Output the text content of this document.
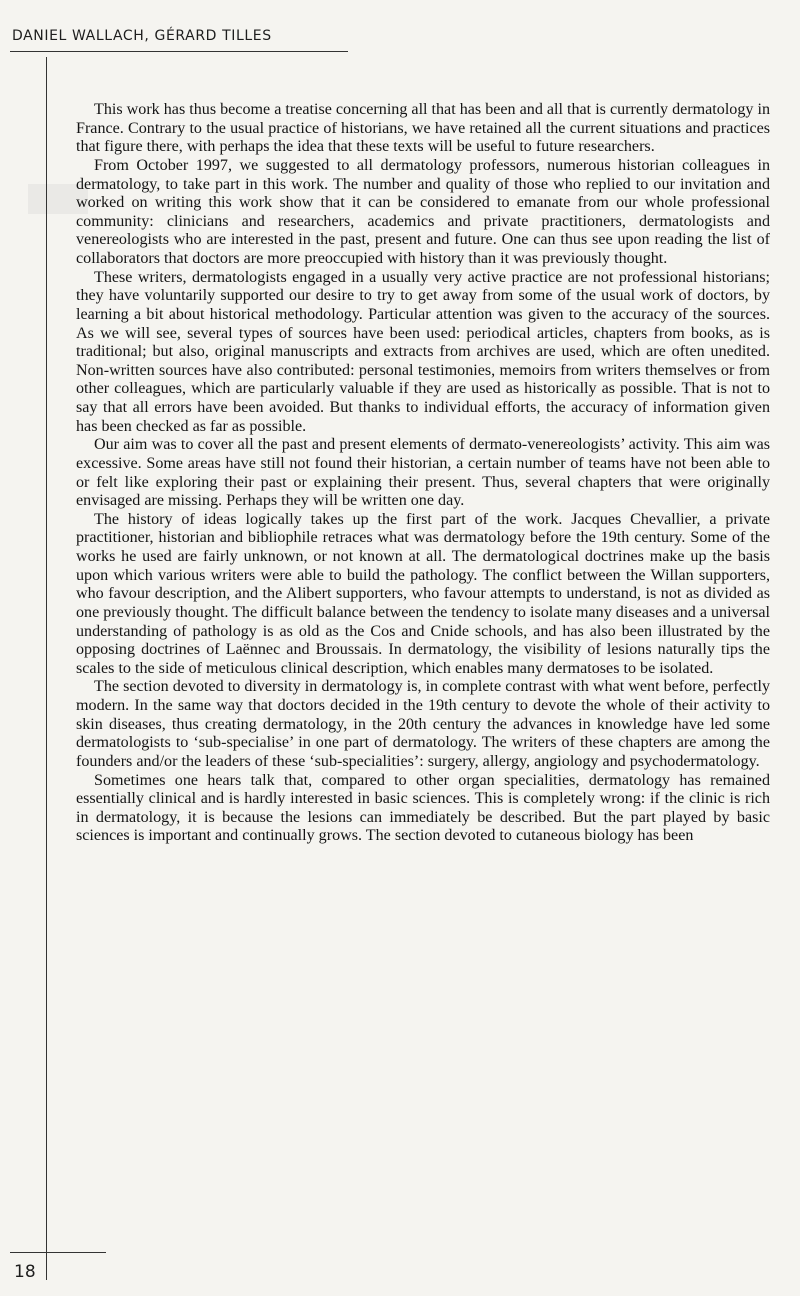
DANIEL WALLACH, GÉRARD TILLES

This work has thus become a treatise concerning all that has been and all that is currently dermatology in France. Contrary to the usual practice of historians, we have retained all the current situations and practices that figure there, with perhaps the idea that these texts will be useful to future researchers.

From October 1997, we suggested to all dermatology professors, numerous historian colleagues in dermatology, to take part in this work. The number and quality of those who replied to our invitation and worked on writing this work show that it can be considered to emanate from our whole professional community: clinicians and researchers, academics and private practitioners, dermatologists and venereologists who are interested in the past, present and future. One can thus see upon reading the list of collaborators that doctors are more preoccupied with history than it was previously thought.

These writers, dermatologists engaged in a usually very active practice are not professional historians; they have voluntarily supported our desire to try to get away from some of the usual work of doctors, by learning a bit about historical methodology. Particular attention was given to the accuracy of the sources. As we will see, several types of sources have been used: periodical articles, chapters from books, as is traditional; but also, original manuscripts and extracts from archives are used, which are often unedited. Non-written sources have also contributed: personal testimonies, memoirs from writers themselves or from other colleagues, which are particularly valuable if they are used as historically as possible. That is not to say that all errors have been avoided. But thanks to individual efforts, the accuracy of information given has been checked as far as possible.

Our aim was to cover all the past and present elements of dermato-venereologists’ activity. This aim was excessive. Some areas have still not found their historian, a certain number of teams have not been able to or felt like exploring their past or explaining their present. Thus, several chapters that were originally envisaged are missing. Perhaps they will be written one day.

The history of ideas logically takes up the first part of the work. Jacques Chevallier, a private practitioner, historian and bibliophile retraces what was dermatology before the 19th century. Some of the works he used are fairly unknown, or not known at all. The dermatological doctrines make up the basis upon which various writers were able to build the pathology. The conflict between the Willan supporters, who favour description, and the Alibert supporters, who favour attempts to understand, is not as divided as one previously thought. The difficult balance between the tendency to isolate many diseases and a universal understanding of pathology is as old as the Cos and Cnide schools, and has also been illustrated by the opposing doctrines of Laënnec and Broussais. In dermatology, the visibility of lesions naturally tips the scales to the side of meticulous clinical description, which enables many dermatoses to be isolated.

The section devoted to diversity in dermatology is, in complete contrast with what went before, perfectly modern. In the same way that doctors decided in the 19th century to devote the whole of their activity to skin diseases, thus creating dermatology, in the 20th century the advances in knowledge have led some dermatologists to ‘sub-specialise’ in one part of dermatology. The writers of these chapters are among the founders and/or the leaders of these ‘sub-specialities’: surgery, allergy, angiology and psychodermatology.

Sometimes one hears talk that, compared to other organ specialities, dermatology has remained essentially clinical and is hardly interested in basic sciences. This is completely wrong: if the clinic is rich in dermatology, it is because the lesions can immediately be described. But the part played by basic sciences is important and continually grows. The section devoted to cutaneous biology has been

18
